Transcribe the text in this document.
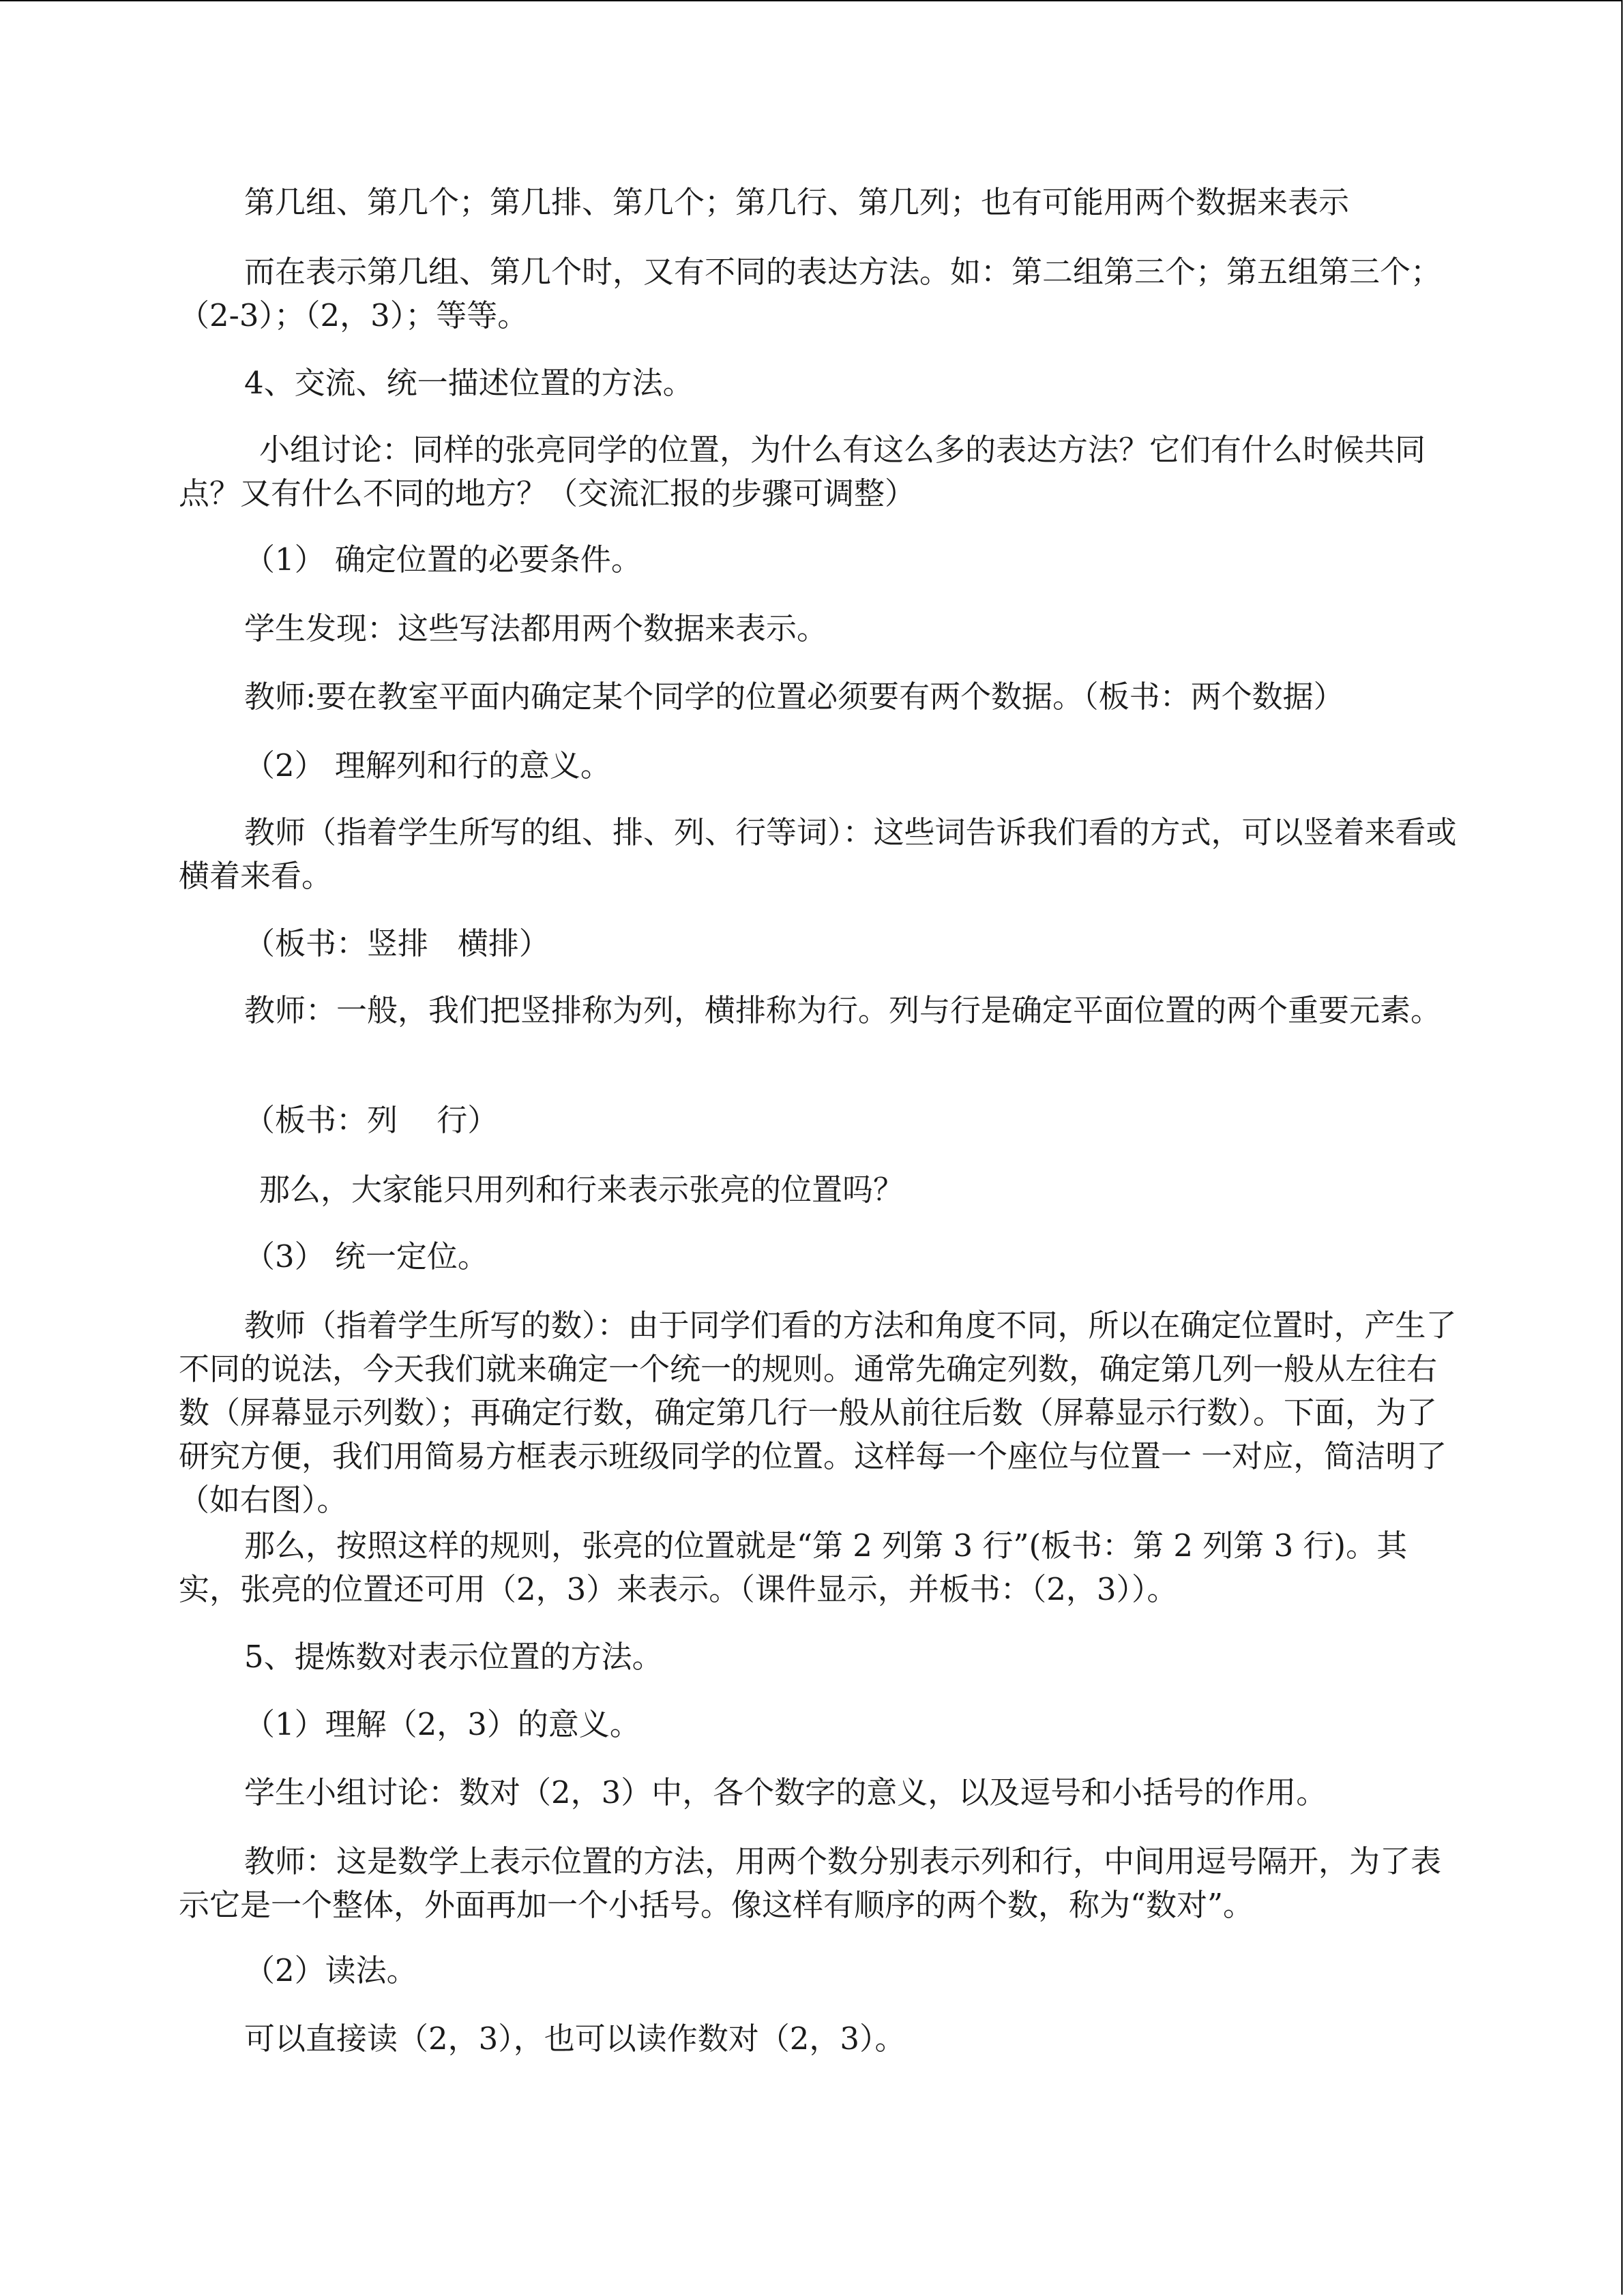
第几组、第几个；第几排、第几个；第几行、第几列；也有可能用两个数据来表示

而在表示第几组、第几个时，又有不同的表达方法。如：第二组第三个；第五组第三个；（2-3）；（2，3）；等等。

4、交流、统一描述位置的方法。

小组讨论：同样的张亮同学的位置，为什么有这么多的表达方法？它们有什么时候共同点？又有什么不同的地方？（交流汇报的步骤可调整）

（1） 确定位置的必要条件。

学生发现：这些写法都用两个数据来表示。

教师:要在教室平面内确定某个同学的位置必须要有两个数据。（板书：两个数据）

（2） 理解列和行的意义。

教师（指着学生所写的组、排、列、行等词）：这些词告诉我们看的方式，可以竖着来看或横着来看。

（板书：竖排   横排）

教师：一般，我们把竖排称为列，横排称为行。列与行是确定平面位置的两个重要元素。

（板书：列    行）

那么，大家能只用列和行来表示张亮的位置吗？

（3） 统一定位。

教师（指着学生所写的数）：由于同学们看的方法和角度不同，所以在确定位置时，产生了不同的说法，今天我们就来确定一个统一的规则。通常先确定列数，确定第几列一般从左往右数（屏幕显示列数）；再确定行数，确定第几行一般从前往后数（屏幕显示行数）。下面，为了研究方便，我们用简易方框表示班级同学的位置。这样每一个座位与位置一 一对应，简洁明了（如右图）。

那么，按照这样的规则，张亮的位置就是“第 2 列第 3 行”(板书：第 2 列第 3 行)。其实，张亮的位置还可用（2，3）来表示。（课件显示，并板书：（2，3））。

5、提炼数对表示位置的方法。

（1）理解（2，3）的意义。

学生小组讨论：数对（2，3）中，各个数字的意义，以及逗号和小括号的作用。

教师：这是数学上表示位置的方法，用两个数分别表示列和行，中间用逗号隔开，为了表示它是一个整体，外面再加一个小括号。像这样有顺序的两个数，称为“数对”。

（2）读法。

可以直接读（2，3），也可以读作数对（2，3）。
